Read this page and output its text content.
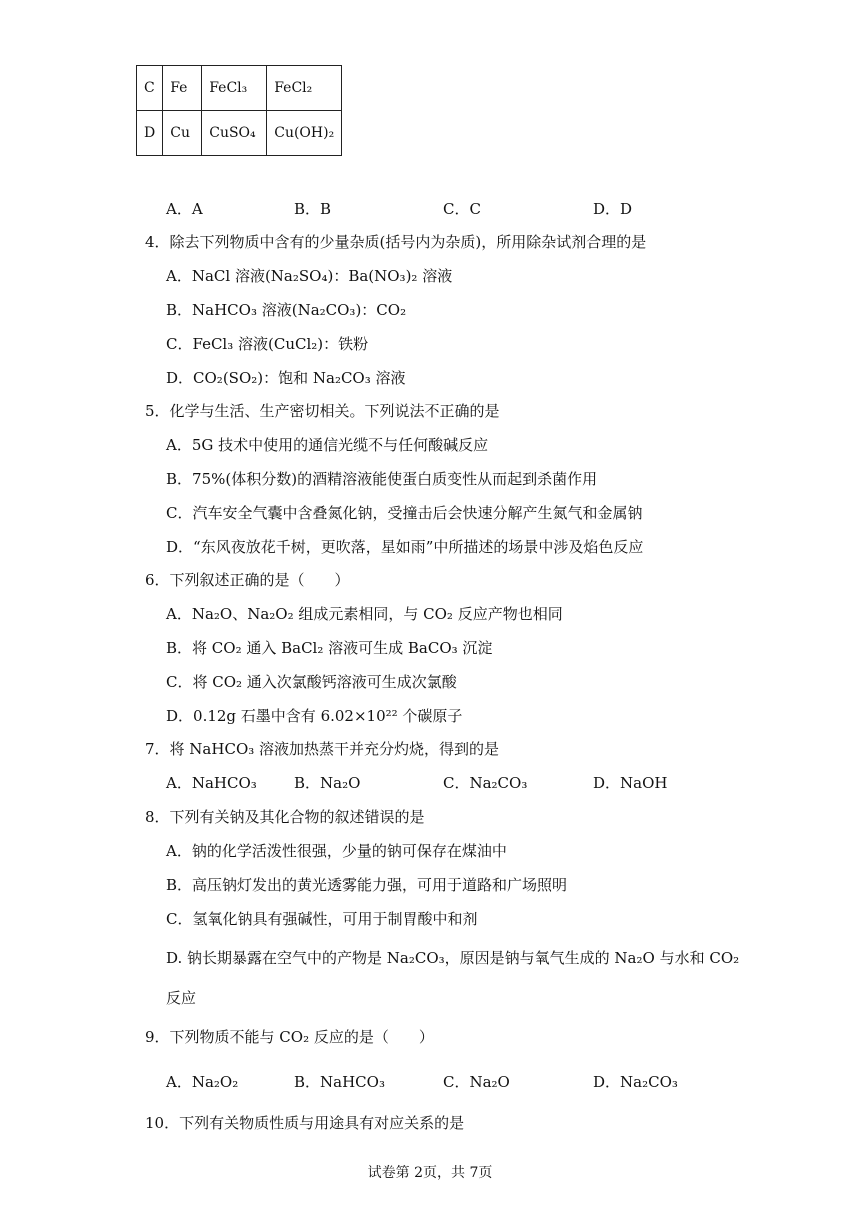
C	Fe	FeCl₃	FeCl₂
D	Cu	CuSO₄	Cu(OH)₂
A．A	B．B	C．C	D．D
4．除去下列物质中含有的少量杂质(括号内为杂质)，所用除杂试剂合理的是
A．NaCl 溶液(Na₂SO₄)：Ba(NO₃)₂ 溶液
B．NaHCO₃ 溶液(Na₂CO₃)：CO₂
C．FeCl₃ 溶液(CuCl₂)：铁粉
D．CO₂(SO₂)：饱和 Na₂CO₃ 溶液
5．化学与生活、生产密切相关。下列说法不正确的是
A．5G 技术中使用的通信光缆不与任何酸碱反应
B．75%(体积分数)的酒精溶液能使蛋白质变性从而起到杀菌作用
C．汽车安全气囊中含叠氮化钠，受撞击后会快速分解产生氮气和金属钠
D．“东风夜放花千树，更吹落，星如雨”中所描述的场景中涉及焰色反应
6．下列叙述正确的是（　　）
A．Na₂O、Na₂O₂ 组成元素相同，与 CO₂ 反应产物也相同
B．将 CO₂ 通入 BaCl₂ 溶液可生成 BaCO₃ 沉淀
C．将 CO₂ 通入次氯酸钙溶液可生成次氯酸
D．0.12g 石墨中含有 6.02×10²² 个碳原子
7．将 NaHCO₃ 溶液加热蒸干并充分灼烧，得到的是
A．NaHCO₃ B．Na₂O	C．Na₂CO₃	D．NaOH
8．下列有关钠及其化合物的叙述错误的是
A．钠的化学活泼性很强，少量的钠可保存在煤油中
B．高压钠灯发出的黄光透雾能力强，可用于道路和广场照明
C．氢氧化钠具有强碱性，可用于制胃酸中和剂
D. 钠长期暴露在空气中的产物是 Na₂CO₃，原因是钠与氧气生成的 Na₂O 与水和 CO₂
反应
9．下列物质不能与 CO₂ 反应的是（　　）
A．Na₂O₂	B．NaHCO₃	C．Na₂O	D．Na₂CO₃
10．下列有关物质性质与用途具有对应关系的是
试卷第 2页，共 7页
